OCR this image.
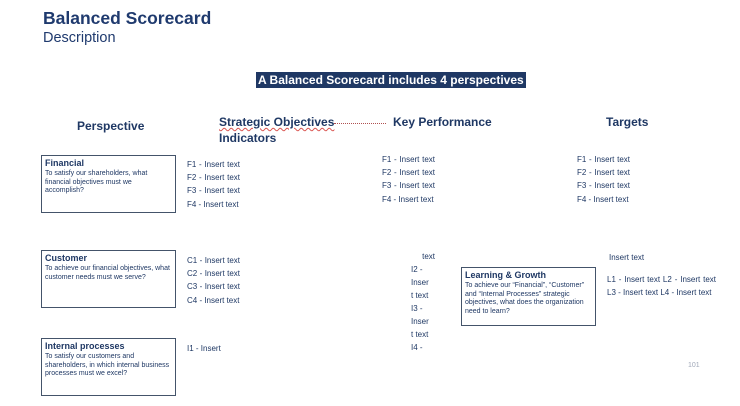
Balanced Scorecard
Description
A Balanced Scorecard includes 4 perspectives
Perspective	Strategic Objectives
Indicators
Key Performance	Targets
Financial
To satisfy our shareholders, what financial objectives must we accomplish?
Customer
To achieve our financial objectives, what customer needs must we serve?
Internal processes
To satisfy our customers and shareholders, in which internal business processes must we excel?
Learning & Growth
To achieve our “Financial”, “Customer” and “Internal Processes” strategic objectives, what does the organization need to learn?
F1 - Insert text F2 - Insert text F3 - Insert text F4 - Insert text
C1 - Insert text C2 - Insert text C3 - Insert text C4 - Insert text
I1 - Insert
F1 - Insert text F2 - Insert text F3 - Insert text F4 - Insert text
text
I2 -
Inser
t text
I3 -
Inser
t text
I4 -
F1 - Insert text F2 - Insert text F3 - Insert text F4 - Insert text
Insert text
L1 - Insert text L2 - Insert text L3 - Insert text L4 - Insert text
101
